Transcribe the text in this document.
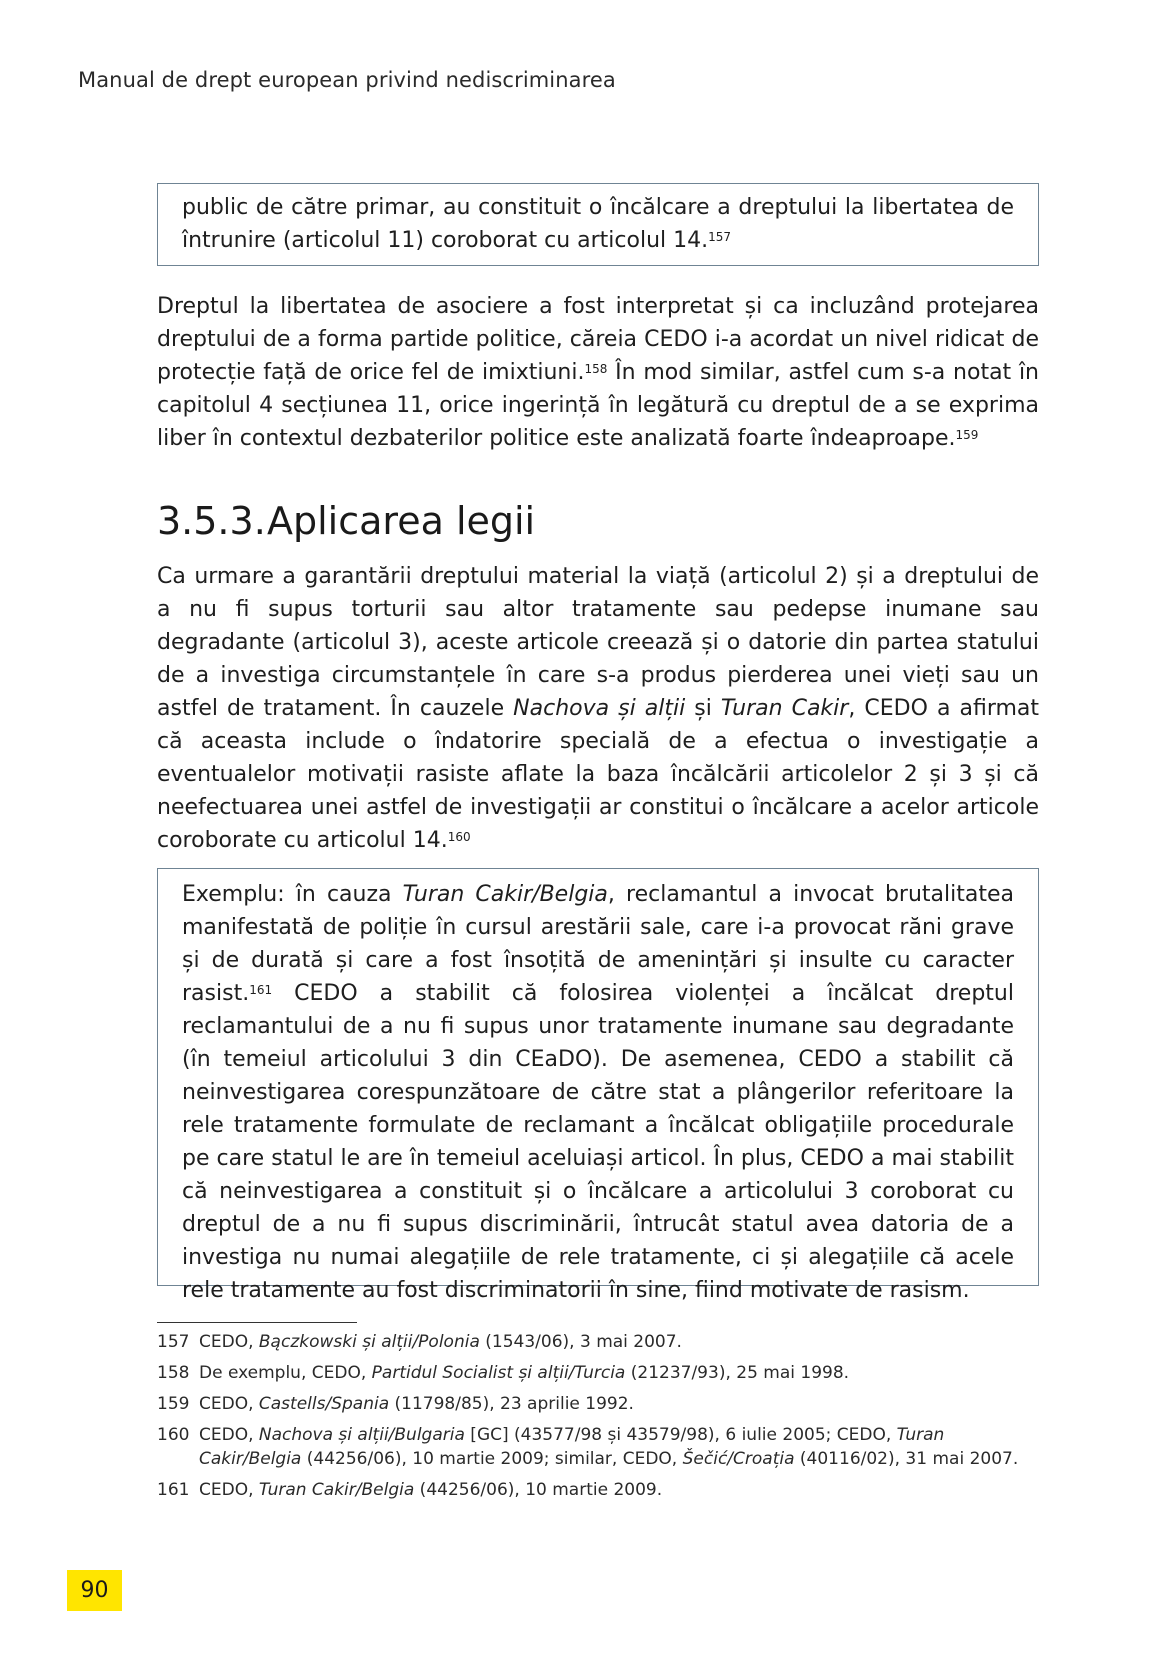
Manual de drept european privind nediscriminarea
public de către primar, au constituit o încălcare a dreptului la libertatea de întrunire (articolul 11) coroborat cu articolul 14.$^{157}$

Dreptul la libertatea de asociere a fost interpretat și ca incluzând protejarea dreptului de a forma partide politice, căreia CEDO i-a acordat un nivel ridicat de protecție față de orice fel de imixtiuni.$^{158}$ În mod similar, astfel cum s-a notat în capitolul 4 secțiunea 11, orice ingerință în legătură cu dreptul de a se exprima liber în contextul dezbaterilor politice este analizată foarte îndeaproape.$^{159}$

3.5.3.Aplicarea legii

Ca urmare a garantării dreptului material la viață (articolul 2) și a dreptului de a nu fi supus torturii sau altor tratamente sau pedepse inumane sau degradante (articolul 3), aceste articole creează și o datorie din partea statului de a investiga circumstanțele în care s-a produs pierderea unei vieți sau un astfel de tratament. În cauzele Nachova și alții și Turan Cakir, CEDO a afirmat că aceasta include o îndatorire specială de a efectua o investigație a eventualelor motivații rasiste aflate la baza încălcării articolelor 2 și 3 și că neefectuarea unei astfel de investigații ar constitui o încălcare a acelor articole coroborate cu articolul 14.$^{160}$

Exemplu: în cauza Turan Cakir/Belgia, reclamantul a invocat brutalitatea manifestată de poliție în cursul arestării sale, care i-a provocat răni grave și de durată și care a fost însoțită de amenințări și insulte cu caracter rasist.$^{161}$ CEDO a stabilit că folosirea violenței a încălcat dreptul reclamantului de a nu fi supus unor tratamente inumane sau degradante (în temeiul articolului 3 din CEaDO). De asemenea, CEDO a stabilit că neinvestigarea corespunzătoare de către stat a plângerilor referitoare la rele tratamente formulate de reclamant a încălcat obligațiile procedurale pe care statul le are în temeiul aceluiași articol. În plus, CEDO a mai stabilit că neinvestigarea a constituit și o încălcare a articolului 3 coroborat cu dreptul de a nu fi supus discriminării, întrucât statul avea datoria de a investiga nu numai alegațiile de rele tratamente, ci și alegațiile că acele rele tratamente au fost discriminatorii în sine, fiind motivate de rasism.
157 CEDO, Bączkowski și alții/Polonia (1543/06), 3 mai 2007.
158 De exemplu, CEDO, Partidul Socialist și alții/Turcia (21237/93), 25 mai 1998.
159 CEDO, Castells/Spania (11798/85), 23 aprilie 1992.
160 CEDO, Nachova și alții/Bulgaria [GC] (43577/98 și 43579/98), 6 iulie 2005; CEDO, Turan Cakir/Belgia (44256/06), 10 martie 2009; similar, CEDO, Šečić/Croația (40116/02), 31 mai 2007.
161 CEDO, Turan Cakir/Belgia (44256/06), 10 martie 2009.
90
